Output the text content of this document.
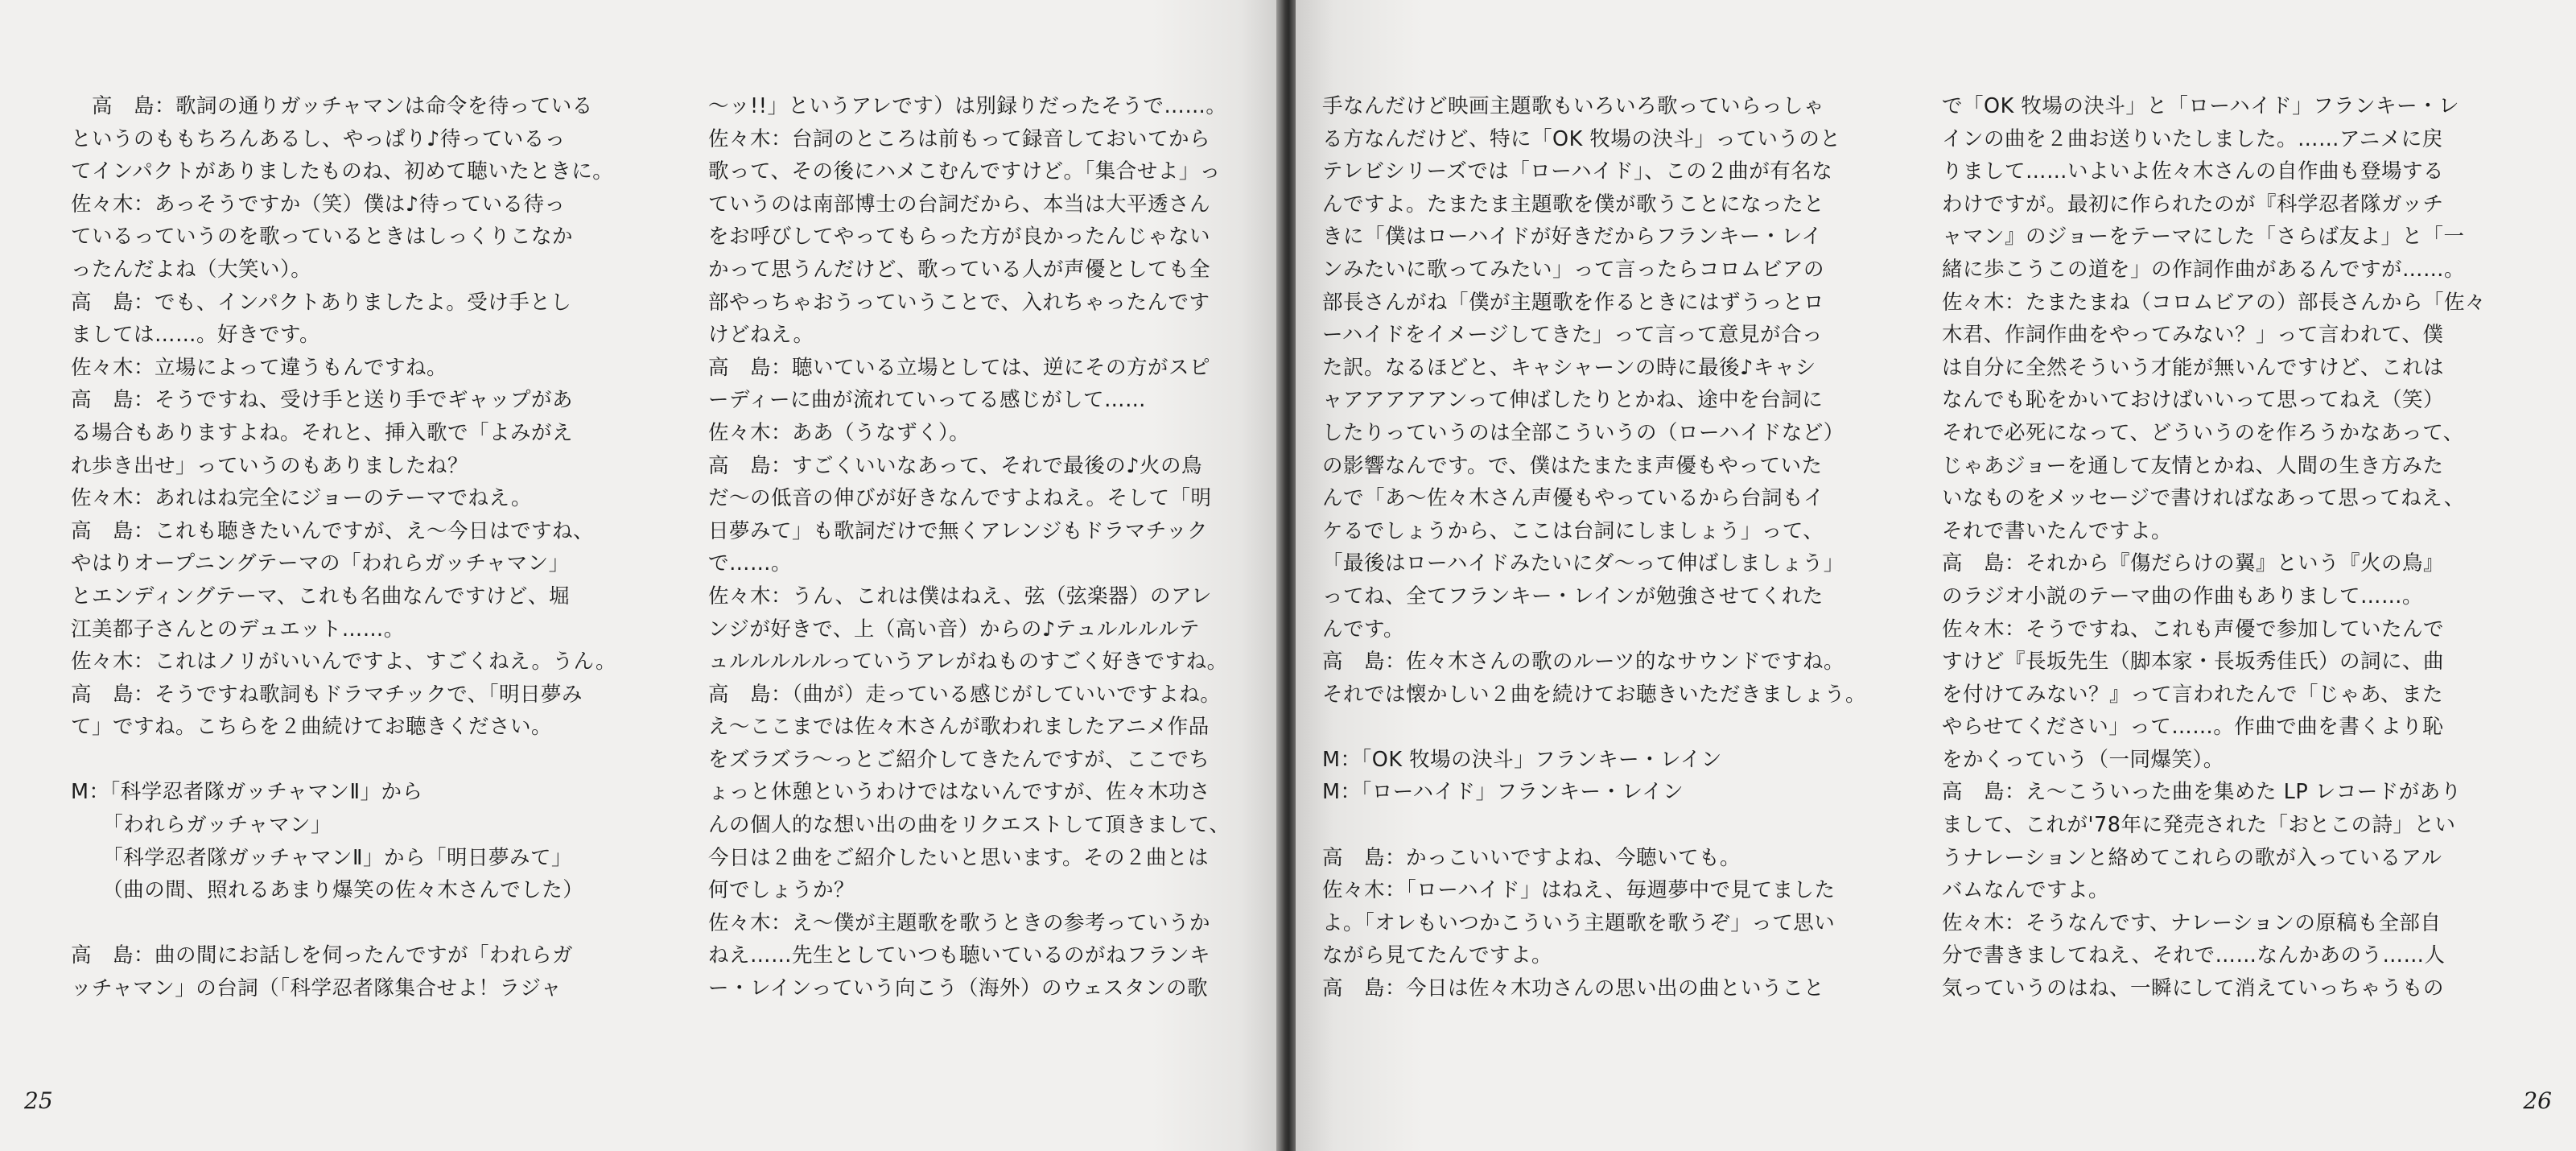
　高　島：歌詞の通りガッチャマンは命令を待っている
というのももちろんあるし、やっぱり♪待っているっ
てインパクトがありましたものね、初めて聴いたときに。
佐々木：あっそうですか（笑）僕は♪待っている待っ
ているっていうのを歌っているときはしっくりこなか
ったんだよね（大笑い）。
高　島：でも、インパクトありましたよ。受け手とし
ましては……。好きです。
佐々木：立場によって違うもんですね。
高　島：そうですね、受け手と送り手でギャップがあ
る場合もありますよね。それと、挿入歌で「よみがえ
れ歩き出せ」っていうのもありましたね？
佐々木：あれはね完全にジョーのテーマでねえ。
高　島：これも聴きたいんですが、え〜今日はですね、
やはりオープニングテーマの「われらガッチャマン」
とエンディングテーマ、これも名曲なんですけど、堀
江美都子さんとのデュエット……。
佐々木：これはノリがいいんですよ、すごくねえ。うん。
高　島：そうですね歌詞もドラマチックで、「明日夢み
て」ですね。こちらを２曲続けてお聴きください。
M：「科学忍者隊ガッチャマンⅡ」から
　　「われらガッチャマン」
　　「科学忍者隊ガッチャマンⅡ」から「明日夢みて」
　　（曲の間、照れるあまり爆笑の佐々木さんでした）
高　島：曲の間にお話しを伺ったんですが「われらガ
ッチャマン」の台詞（「科学忍者隊集合せよ！ラジャ
〜ッ!!」というアレです）は別録りだったそうで……。
佐々木：台詞のところは前もって録音しておいてから
歌って、その後にハメこむんですけど。「集合せよ」っ
ていうのは南部博士の台詞だから、本当は大平透さん
をお呼びしてやってもらった方が良かったんじゃない
かって思うんだけど、歌っている人が声優としても全
部やっちゃおうっていうことで、入れちゃったんです
けどねえ。
高　島：聴いている立場としては、逆にその方がスピ
ーディーに曲が流れていってる感じがして……
佐々木：ああ（うなずく）。
高　島：すごくいいなあって、それで最後の♪火の鳥
だ〜の低音の伸びが好きなんですよねえ。そして「明
日夢みて」も歌詞だけで無くアレンジもドラマチック
で……。
佐々木：うん、これは僕はねえ、弦（弦楽器）のアレ
ンジが好きで、上（高い音）からの♪テュルルルルテ
ュルルルルルっていうアレがねものすごく好きですね。
高　島：（曲が）走っている感じがしていいですよね。
え〜ここまでは佐々木さんが歌われましたアニメ作品
をズラズラ〜っとご紹介してきたんですが、ここでち
ょっと休憩というわけではないんですが、佐々木功さ
んの個人的な想い出の曲をリクエストして頂きまして、
今日は２曲をご紹介したいと思います。その２曲とは
何でしょうか？
佐々木：え〜僕が主題歌を歌うときの参考っていうか
ねえ……先生としていつも聴いているのがねフランキ
ー・レインっていう向こう（海外）のウェスタンの歌
25
手なんだけど映画主題歌もいろいろ歌っていらっしゃ
る方なんだけど、特に「OK 牧場の決斗」っていうのと
テレビシリーズでは「ローハイド」、この２曲が有名な
んですよ。たまたま主題歌を僕が歌うことになったと
きに「僕はローハイドが好きだからフランキー・レイ
ンみたいに歌ってみたい」って言ったらコロムビアの
部長さんがね「僕が主題歌を作るときにはずうっとロ
ーハイドをイメージしてきた」って言って意見が合っ
た訳。なるほどと、キャシャーンの時に最後♪キャシ
ャアアアアアンって伸ばしたりとかね、途中を台詞に
したりっていうのは全部こういうの（ローハイドなど）
の影響なんです。で、僕はたまたま声優もやっていた
んで「あ〜佐々木さん声優もやっているから台詞もイ
ケるでしょうから、ここは台詞にしましょう」って、
「最後はローハイドみたいにダ〜って伸ばしましょう」
ってね、全てフランキー・レインが勉強させてくれた
んです。
高　島：佐々木さんの歌のルーツ的なサウンドですね。
それでは懐かしい２曲を続けてお聴きいただきましょう。
M：「OK 牧場の決斗」フランキー・レイン
M：「ローハイド」フランキー・レイン
高　島：かっこいいですよね、今聴いても。
佐々木：「ローハイド」はねえ、毎週夢中で見てました
よ。「オレもいつかこういう主題歌を歌うぞ」って思い
ながら見てたんですよ。
高　島：今日は佐々木功さんの思い出の曲ということ
で「OK 牧場の決斗」と「ローハイド」フランキー・レ
インの曲を２曲お送りいたしました。……アニメに戻
りまして……いよいよ佐々木さんの自作曲も登場する
わけですが。最初に作られたのが『科学忍者隊ガッチ
ャマン』のジョーをテーマにした「さらば友よ」と「一
緒に歩こうこの道を」の作詞作曲があるんですが……。
佐々木：たまたまね（コロムビアの）部長さんから「佐々
木君、作詞作曲をやってみない？」って言われて、僕
は自分に全然そういう才能が無いんですけど、これは
なんでも恥をかいておけばいいって思ってねえ（笑）
それで必死になって、どういうのを作ろうかなあって、
じゃあジョーを通して友情とかね、人間の生き方みた
いなものをメッセージで書ければなあって思ってねえ、
それで書いたんですよ。
高　島：それから『傷だらけの翼』という『火の鳥』
のラジオ小説のテーマ曲の作曲もありまして……。
佐々木：そうですね、これも声優で参加していたんで
すけど『長坂先生（脚本家・長坂秀佳氏）の詞に、曲
を付けてみない？』って言われたんで「じゃあ、また
やらせてください」って……。作曲で曲を書くより恥
をかくっていう（一同爆笑）。
高　島：え〜こういった曲を集めた LP レコードがあり
まして、これが'78年に発売された「おとこの詩」とい
うナレーションと絡めてこれらの歌が入っているアル
バムなんですよ。
佐々木：そうなんです、ナレーションの原稿も全部自
分で書きましてねえ、それで……なんかあのう……人
気っていうのはね、一瞬にして消えていっちゃうもの
26
